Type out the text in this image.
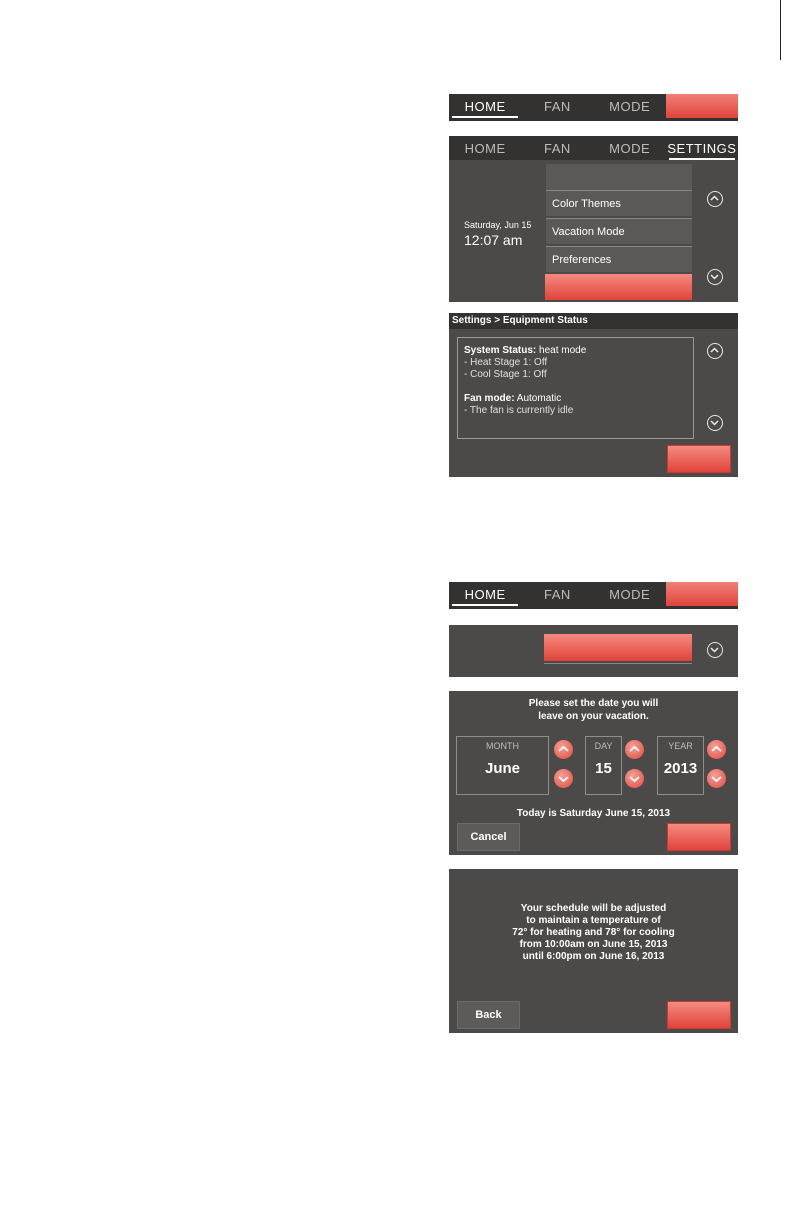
HOME	FAN	MODE
HOME	FAN	MODE SETTINGS
Saturday, Jun 15
12:07 am
Color Themes
Vacation Mode
Preferences
Settings > Equipment Status
System Status: heat mode
- Heat Stage 1: Off
- Cool Stage 1: Off
Fan mode: Automatic
- The fan is currently idle
HOME	FAN	MODE
Please set the date you will
leave on your vacation.
MONTH
June
DAY
15
YEAR
2013
Today is Saturday June 15, 2013
Cancel
Your schedule will be adjusted
to maintain a temperature of
72° for heating and 78° for cooling
from 10:00am on June 15, 2013
until 6:00pm on June 16, 2013
Back
